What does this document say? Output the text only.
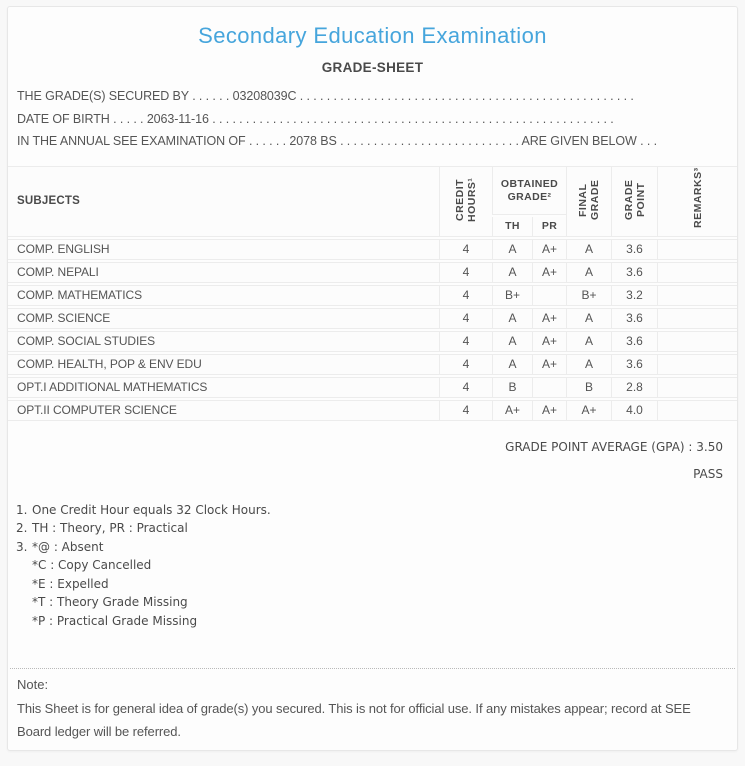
Secondary Education Examination
GRADE-SHEET
THE GRADE(S) SECURED BY . . . . . . 03208039C . . . . . . . . . . . . . . . . . . . . . . . . . . . . . . . . . . . . . . . . . . . . . . . . . .
DATE OF BIRTH . . . . . 2063-11-16 . . . . . . . . . . . . . . . . . . . . . . . . . . . . . . . . . . . . . . . . . . . . . . . . . . . . . . . . . . . .
IN THE ANNUAL SEE EXAMINATION OF . . . . . . 2078 BS . . . . . . . . . . . . . . . . . . . . . . . . . . . ARE GIVEN BELOW . . .
SUBJECTS	CREDIT HOURS¹	OBTAINED GRADE²		FINAL GRADE	GRADE POINT	REMARKS³
		TH	PR			
COMP. ENGLISH	4	A	A+	A	3.6	
COMP. NEPALI	4	A	A+	A	3.6	
COMP. MATHEMATICS	4	B+		B+	3.2	
COMP. SCIENCE	4	A	A+	A	3.6	
COMP. SOCIAL STUDIES	4	A	A+	A	3.6	
COMP. HEALTH, POP & ENV EDU	4	A	A+	A	3.6	
OPT.I ADDITIONAL MATHEMATICS	4	B		B	2.8	
OPT.II COMPUTER SCIENCE	4	A+	A+	A+	4.0	
GRADE POINT AVERAGE (GPA) : 3.50
PASS
1. One Credit Hour equals 32 Clock Hours.
2. TH : Theory, PR : Practical
3. *@ : Absent
*C : Copy Cancelled
*E : Expelled
*T : Theory Grade Missing
*P : Practical Grade Missing
Note:

This Sheet is for general idea of grade(s) you secured. This is not for official use. If any mistakes appear; record at SEE Board ledger will be referred.
